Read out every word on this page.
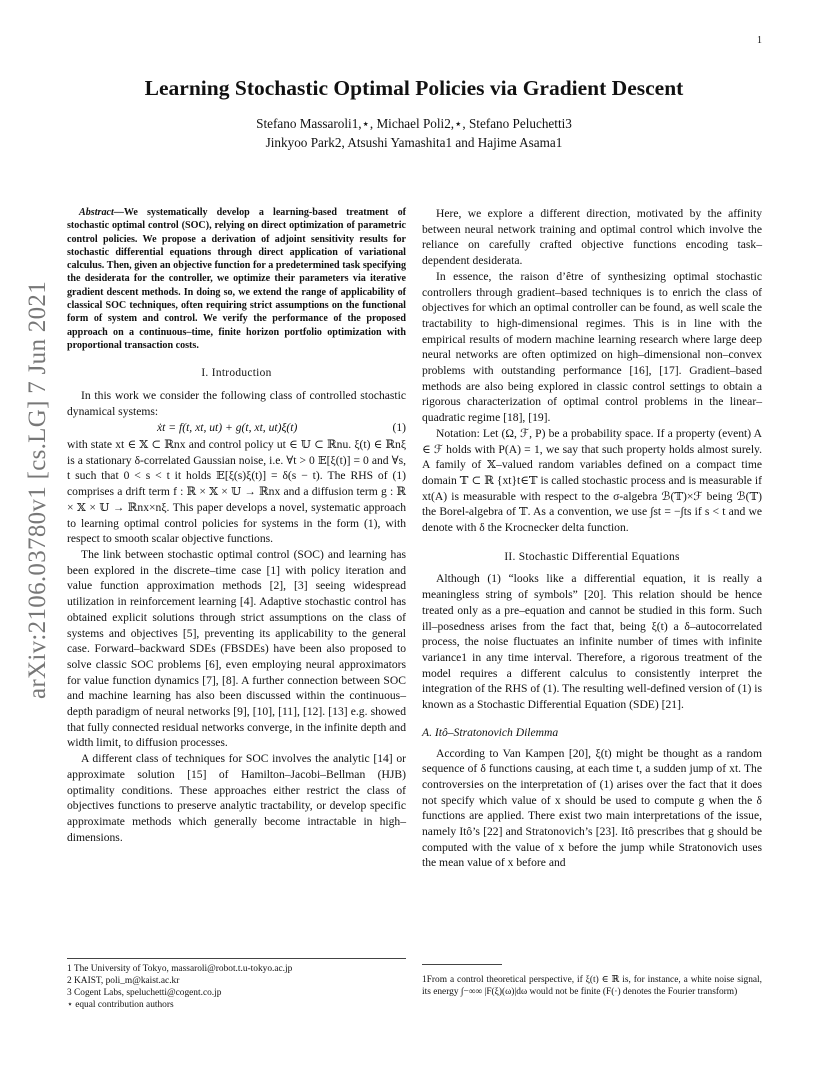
1
arXiv:2106.03780v1 [cs.LG] 7 Jun 2021
Learning Stochastic Optimal Policies via Gradient Descent
Stefano Massaroli1,⋆, Michael Poli2,⋆, Stefano Peluchetti3
Jinkyoo Park2, Atsushi Yamashita1 and Hajime Asama1
Abstract—We systematically develop a learning-based treatment of stochastic optimal control (SOC), relying on direct optimization of parametric control policies. We propose a derivation of adjoint sensitivity results for stochastic differential equations through direct application of variational calculus. Then, given an objective function for a predetermined task specifying the desiderata for the controller, we optimize their parameters via iterative gradient descent methods. In doing so, we extend the range of applicability of classical SOC techniques, often requiring strict assumptions on the functional form of system and control. We verify the performance of the proposed approach on a continuous–time, finite horizon portfolio optimization with proportional transaction costs.
I. Introduction

In this work we consider the following class of controlled stochastic dynamical systems:

ẋt = f(t, xt, ut) + g(t, xt, ut)ξ(t)	(1)

with state xt ∈ 𝕏 ⊂ ℝnx and control policy ut ∈ 𝕌 ⊂ ℝnu. ξ(t) ∈ ℝnξ is a stationary δ-correlated Gaussian noise, i.e. ∀t > 0 𝔼[ξ(t)] = 0 and ∀s, t such that 0 < s < t it holds 𝔼[ξ(s)ξ(t)] = δ(s − t). The RHS of (1) comprises a drift term f : ℝ × 𝕏 × 𝕌 → ℝnx and a diffusion term g : ℝ × 𝕏 × 𝕌 → ℝnx×nξ. This paper develops a novel, systematic approach to learning optimal control policies for systems in the form (1), with respect to smooth scalar objective functions.

The link between stochastic optimal control (SOC) and learning has been explored in the discrete–time case [1] with policy iteration and value function approximation methods [2], [3] seeing widespread utilization in reinforcement learning [4]. Adaptive stochastic control has obtained explicit solutions through strict assumptions on the class of systems and objectives [5], preventing its applicability to the general case. Forward–backward SDEs (FBSDEs) have been also proposed to solve classic SOC problems [6], even employing neural approximators for value function dynamics [7], [8]. A further connection between SOC and machine learning has also been discussed within the continuous–depth paradigm of neural networks [9], [10], [11], [12]. [13] e.g. showed that fully connected residual networks converge, in the infinite depth and width limit, to diffusion processes.

A different class of techniques for SOC involves the analytic [14] or approximate solution [15] of Hamilton–Jacobi–Bellman (HJB) optimality conditions. These approaches either restrict the class of objectives functions to preserve analytic tractability, or develop specific approximate methods which generally become intractable in high–dimensions.

Here, we explore a different direction, motivated by the affinity between neural network training and optimal control which involve the reliance on carefully crafted objective functions encoding task–dependent desiderata.

In essence, the raison d’être of synthesizing optimal stochastic controllers through gradient–based techniques is to enrich the class of objectives for which an optimal controller can be found, as well scale the tractability to high-dimensional regimes. This is in line with the empirical results of modern machine learning research where large deep neural networks are often optimized on high–dimensional non–convex problems with outstanding performance [16], [17]. Gradient–based methods are also being explored in classic control settings to obtain a rigorous characterization of optimal control problems in the linear–quadratic regime [18], [19].

Notation: Let (Ω, ℱ, P) be a probability space. If a property (event) A ∈ ℱ holds with P(A) = 1, we say that such property holds almost surely. A family of 𝕏–valued random variables defined on a compact time domain 𝕋 ⊂ ℝ {xt}t∈𝕋 is called stochastic process and is measurable if xt(A) is measurable with respect to the σ-algebra ℬ(𝕋)×ℱ being ℬ(𝕋) the Borel-algebra of 𝕋. As a convention, we use ∫st = −∫ts if s < t and we denote with δ the Krocnecker delta function.

II. Stochastic Differential Equations

Although (1) “looks like a differential equation, it is really a meaningless string of symbols” [20]. This relation should be hence treated only as a pre–equation and cannot be studied in this form. Such ill–posedness arises from the fact that, being ξ(t) a δ–autocorrelated process, the noise fluctuates an infinite number of times with infinite variance1 in any time interval. Therefore, a rigorous treatment of the model requires a different calculus to consistently interpret the integration of the RHS of (1). The resulting well-defined version of (1) is known as a Stochastic Differential Equation (SDE) [21].

A. Itô–Stratonovich Dilemma

According to Van Kampen [20], ξ(t) might be thought as a random sequence of δ functions causing, at each time t, a sudden jump of xt. The controversies on the interpretation of (1) arises over the fact that it does not specify which value of x should be used to compute g when the δ functions are applied. There exist two main interpretations of the issue, namely Itô’s [22] and Stratonovich’s [23]. Itô prescribes that g should be computed with the value of x before the jump while Stratonovich uses the mean value of x before and

1 The University of Tokyo, massaroli@robot.t.u-tokyo.ac.jp
2 KAIST, poli_m@kaist.ac.kr
3 Cogent Labs, speluchetti@cogent.co.jp
⋆ equal contribution authors
1From a control theoretical perspective, if ξ(t) ∈ ℝ is, for instance, a white noise signal, its energy ∫−∞∞ |F(ξ)(ω)|dω would not be finite (F(·) denotes the Fourier transform)
